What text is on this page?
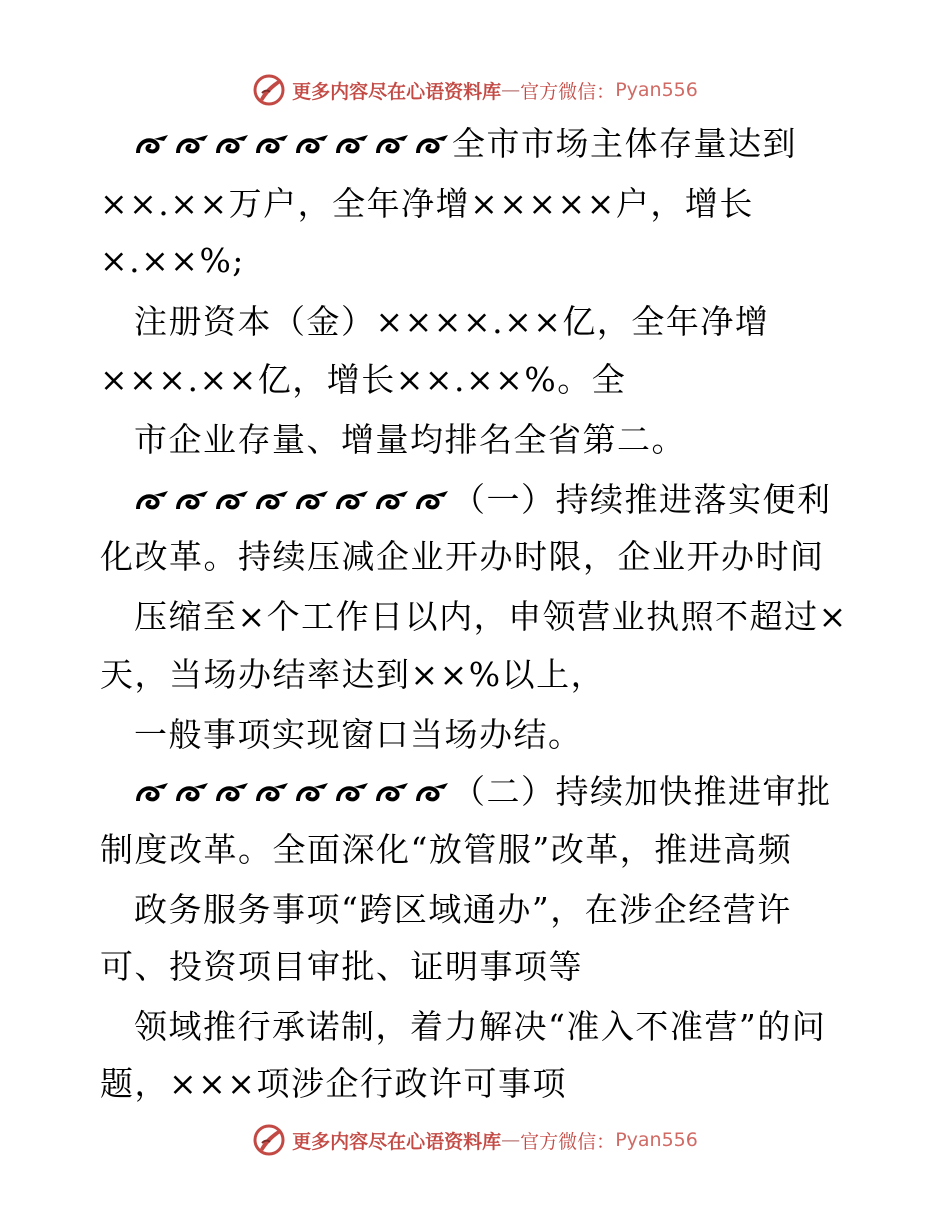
更多内容尽在心语资料库 — 官方微信： Pyan556
全市市场主体存量达到
××.××万户，全年净增×××××户，增长
×.××%;
注册资本（金）××××.××亿，全年净增
×××.××亿，增长××.××%。全
市企业存量、增量均排名全省第二。
（一）持续推进落实便利
化改革。持续压减企业开办时限，企业开办时间
压缩至×个工作日以内，申领营业执照不超过×
天，当场办结率达到××%以上，
一般事项实现窗口当场办结。
（二）持续加快推进审批
制度改革。全面深化“放管服”改革，推进高频
政务服务事项“跨区域通办”，在涉企经营许
可、投资项目审批、证明事项等
领域推行承诺制，着力解决“准入不准营”的问
题，×××项涉企行政许可事项
更多内容尽在心语资料库 — 官方微信： Pyan556
